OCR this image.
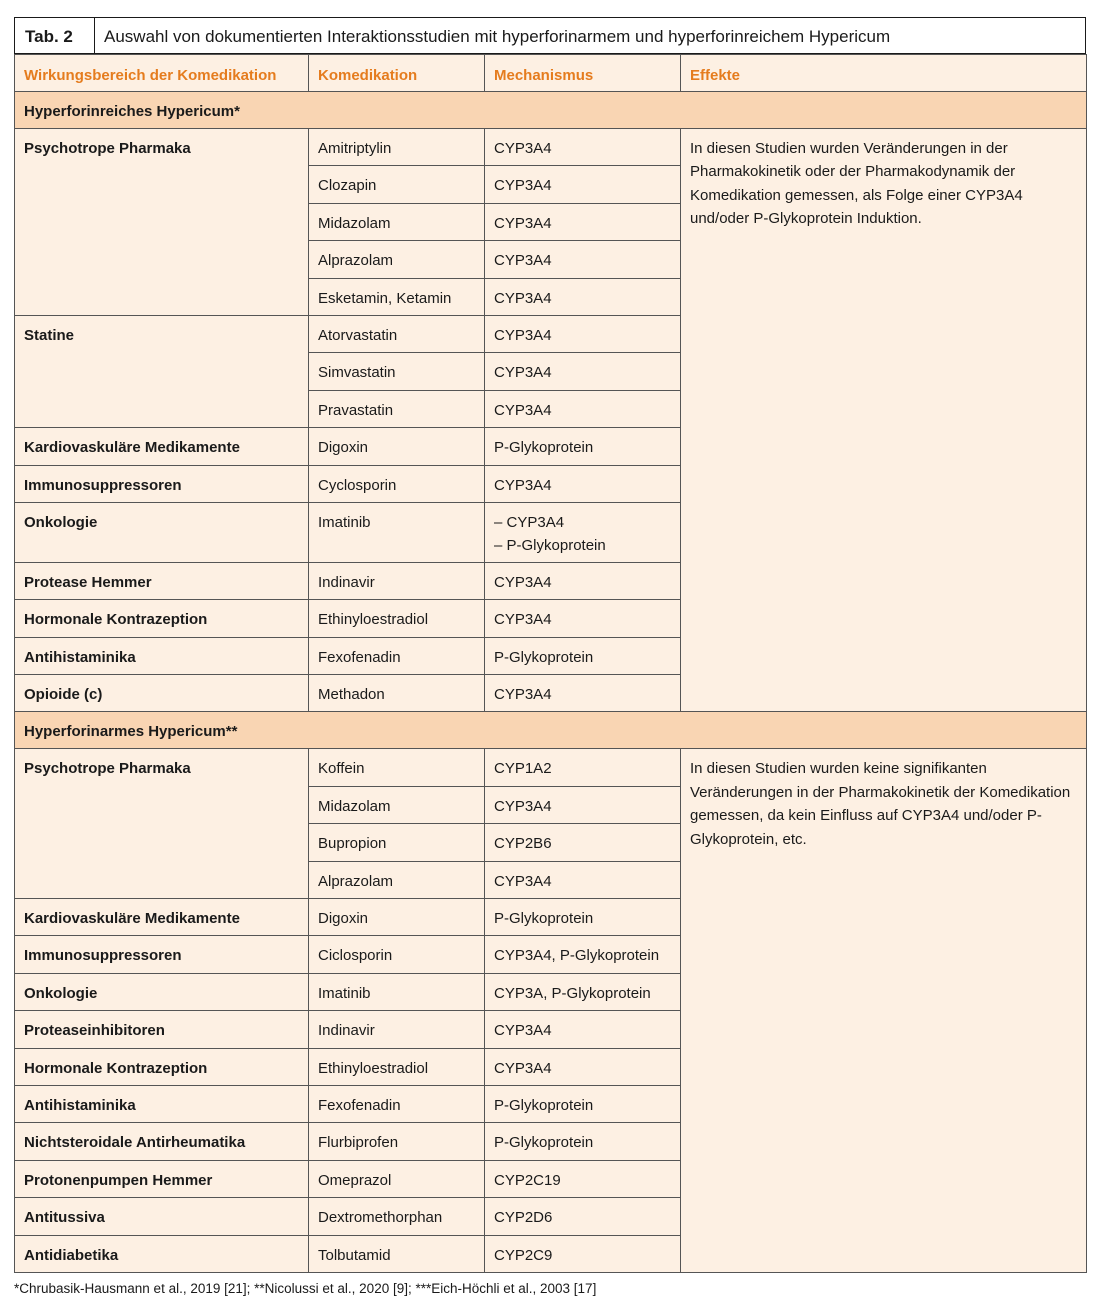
Tab. 2	Auswahl von dokumentierten Interaktionsstudien mit hyperforinarmem und hyperforinreichem Hypericum
Wirkungsbereich der Komedikation	Komedikation	Mechanismus	Effekte
Hyperforinreiches Hypericum*			
Psychotrope Pharmaka	Amitriptylin	CYP3A4	In diesen Studien wurden Veränderungen in der Pharmakokinetik oder der Pharmakodynamik der Komedikation gemessen, als Folge einer CYP3A4 und/oder P-Glykoprotein Induktion.
	Clozapin	CYP3A4	

	Midazolam	CYP3A4	

	Alprazolam	CYP3A4	

	Esketamin, Ketamin	CYP3A4	

Statine	Atorvastatin	CYP3A4	

	Simvastatin	CYP3A4	

	Pravastatin	CYP3A4	

Kardiovaskuläre Medikamente	Digoxin	P-Glykoprotein	

Immunosuppressoren	Cyclosporin	CYP3A4	

Onkologie	Imatinib	– CYP3A4
– P-Glykoprotein	

Protease Hemmer	Indinavir	CYP3A4	

Hormonale Kontrazeption	Ethinyloestradiol	CYP3A4	

Antihistaminika	Fexofenadin	P-Glykoprotein	

Opioide (c)	Methadon	CYP3A4	

Hyperforinarmes Hypericum**			
Psychotrope Pharmaka	Koffein	CYP1A2	In diesen Studien wurden keine signifikanten Veränderungen in der Pharmakokinetik der Komedikation gemessen, da kein Einfluss auf CYP3A4 und/oder P-Glykoprotein, etc.
	Midazolam	CYP3A4	

	Bupropion	CYP2B6	

	Alprazolam	CYP3A4	

Kardiovaskuläre Medikamente	Digoxin	P-Glykoprotein	

Immunosuppressoren	Ciclosporin	CYP3A4, P-Glykoprotein	

Onkologie	Imatinib	CYP3A, P-Glykoprotein	

Proteaseinhibitoren	Indinavir	CYP3A4	

Hormonale Kontrazeption	Ethinyloestradiol	CYP3A4	

Antihistaminika	Fexofenadin	P-Glykoprotein	

Nichtsteroidale Antirheumatika	Flurbiprofen	P-Glykoprotein	

Protonenpumpen Hemmer	Omeprazol	CYP2C19	

Antitussiva	Dextromethorphan	CYP2D6	

Antidiabetika	Tolbutamid	CYP2C9	
*Chrubasik-Hausmann et al., 2019 [21]; **Nicolussi et al., 2020 [9]; ***Eich-Höchli et al., 2003 [17]
